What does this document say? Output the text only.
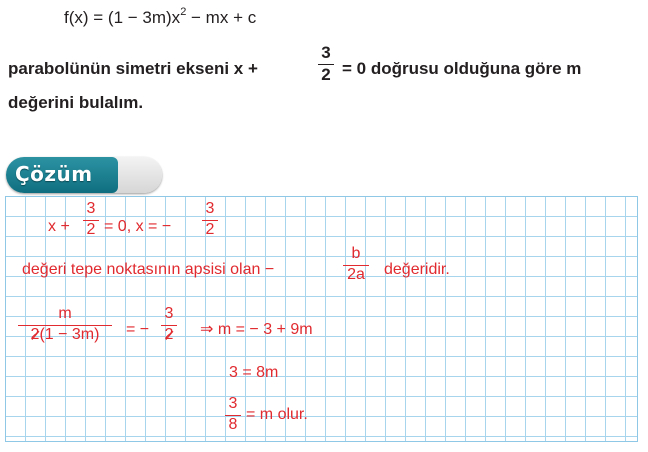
$f(x) = (1 - 3m)x^2$ − mx + c
parabolünün simetri ekseni x +
3
2 = 0 doğrusu olduğuna göre m
değerini bulalım.
Çözüm
x +
3
2 = 0, x = −
3
2
değeri tepe noktasının apsisi olan −
b
2a değeridir.
m
2(1 − 3m) = −
3
2 ⇒ m = − 3 + 9m
3 = 8m
3
8
= m olur.
